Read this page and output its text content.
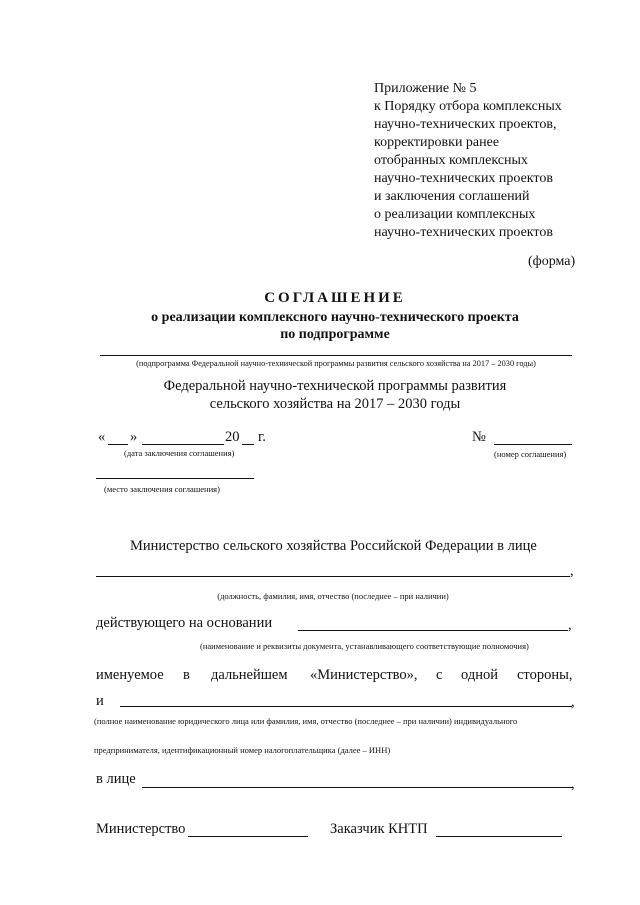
Приложение № 5
к Порядку отбора комплексных
научно-технических проектов,
корректировки ранее
отобранных комплексных
научно-технических проектов
и заключения соглашений
о реализации комплексных
научно-технических проектов
(форма)
СОГЛАШЕНИЕ
о реализации комплексного научно-технического проекта
по подпрограмме
(подпрограмма Федеральной научно-технической программы развития сельского хозяйства на 2017 – 2030 годы)
Федеральной научно-технической программы развития
сельского хозяйства на 2017 – 2030 годы
« »	20 г.
(дата заключения соглашения)
№
(номер соглашения)
(место заключения соглашения)
Министерство сельского хозяйства Российской Федерации в лице
,
(должность, фамилия, имя, отчество (последнее – при наличии)
действующего на основании	,
(наименование и реквизиты документа, устанавливающего соответствующие полномочия)
именуемое в дальнейшем «Министерство», с одной стороны,
и	,
(полное наименование юридического лица или фамилия, имя, отчество (последнее – при наличии) индивидуального
предпринимателя, идентификационный номер налогоплательщика (далее – ИНН)
в лице	,
Министерство	Заказчик КНТП
